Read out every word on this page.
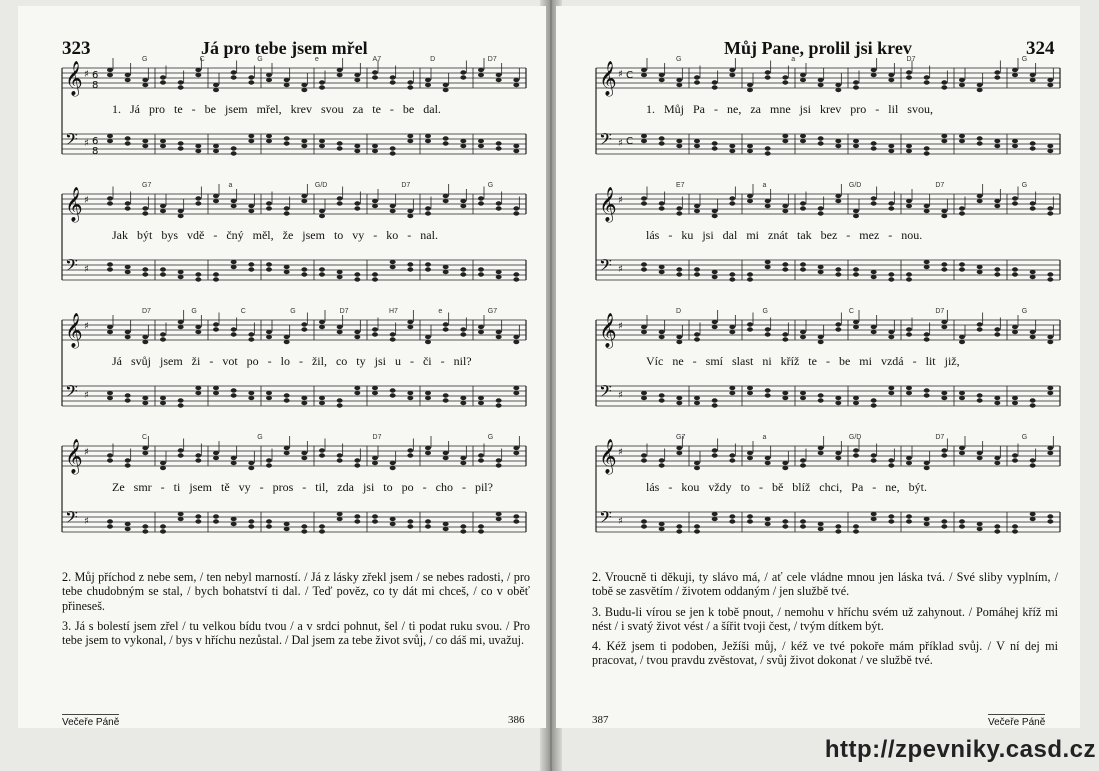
323	Já pro tebe jsem mřel
𝄞
𝄢
♯
♯
6
8
6
8
G	C	G	e	A7	D	D7
1. Já pro te - be jsem mřel, krev svou za te - be dal.
𝄞
𝄢
♯
♯
G7	a	G/D	D7	G
Jak být bys vdě - čný měl, že jsem to vy - ko - nal.
𝄞
𝄢
♯
♯
D7	G	C	G	D7	H7	e	G7
Já svůj jsem ži - vot po - lo - žil, co ty jsi u - či - nil?
𝄞
𝄢
♯
♯
C	G	D7	G
Ze smr - ti jsem tě vy - pros - til, zda jsi to po - cho - pil?

2. Můj příchod z nebe sem, / ten nebyl marností. / Já z lásky zřekl jsem / se nebes radosti, / pro tebe chudobným se stal, / bych bohatství ti dal. / Teď pověz, co ty dát mi chceš, / co v oběť přineseš.

3. Já s bolestí jsem zřel / tu velkou bídu tvou / a v srdci pohnut, šel / ti podat ruku svou. / Pro tebe jsem to vykonal, / bys v hříchu nezůstal. / Dal jsem za tebe život svůj, / co dáš mi, uvažuj.

Večeře Páně	386
Můj Pane, prolil jsi krev	324
𝄞
𝄢
♯
♯
C
C
G	a	D7	G
1. Můj Pa - ne, za mne jsi krev pro - lil svou,
𝄞
𝄢
♯
♯
E7	a	G/D	D7	G
lás - ku jsi dal mi znát tak bez - mez - nou.
𝄞
𝄢
♯
♯
D	G	C	D7	G
Víc ne - smí slast ni kříž te - be mi vzdá - lit již,
𝄞
𝄢
♯
♯
G7	a	G/D	D7	G
lás - kou vždy to - bě blíž chci, Pa - ne, být.

2. Vroucně ti děkuji, ty slávo má, / ať cele vládne mnou jen láska tvá. / Své sliby vyplním, / tobě se zasvětím / životem oddaným / jen službě tvé.

3. Budu-li vírou se jen k tobě pnout, / nemohu v hříchu svém už zahynout. / Pomáhej kříž mi nést / i svatý život vést / a šířit tvoji čest, / tvým dítkem být.

4. Kéž jsem ti podoben, Ježíši můj, / kéž ve tvé pokoře mám příklad svůj. / V ní dej mi pracovat, / tvou pravdu zvěstovat, / svůj život dokonat / ve službě tvé.

387	Večeře Páně
http://zpevniky.casd.cz
